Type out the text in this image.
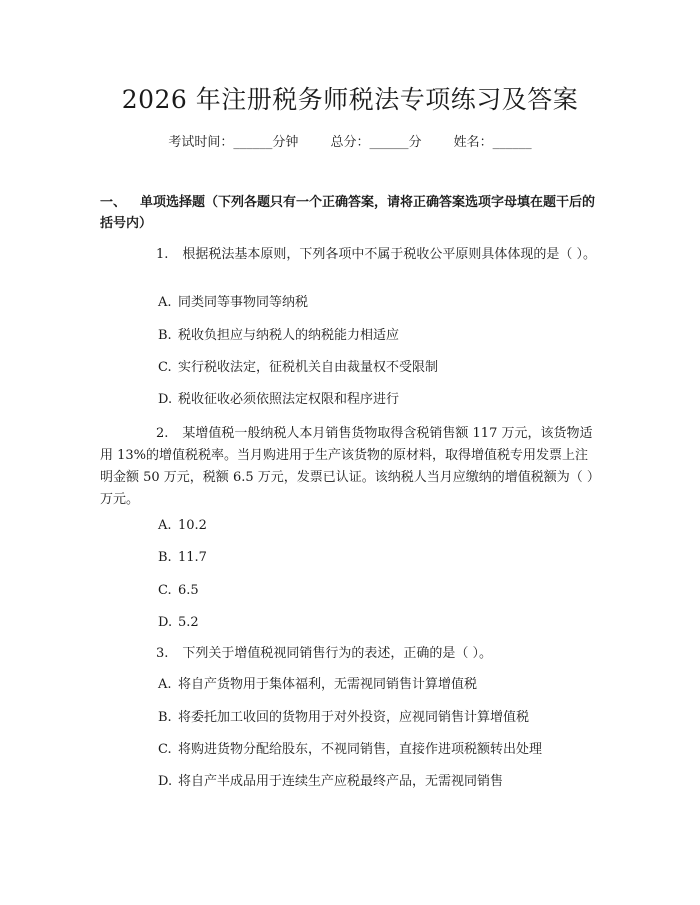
2026 年注册税务师税法专项练习及答案
考试时间：______分钟 总分：______分 姓名：______
一、 单项选择题（下列各题只有一个正确答案，请将正确答案选项字母填在题干后的括号内）
1. 根据税法基本原则，下列各项中不属于税收公平原则具体体现的是（ ）。
A. 同类同等事物同等纳税
B. 税收负担应与纳税人的纳税能力相适应
C. 实行税收法定，征税机关自由裁量权不受限制
D. 税收征收必须依照法定权限和程序进行
2. 某增值税一般纳税人本月销售货物取得含税销售额 117 万元，该货物适用 13%的增值税税率。当月购进用于生产该货物的原材料，取得增值税专用发票上注明金额 50 万元，税额 6.5 万元，发票已认证。该纳税人当月应缴纳的增值税额为（ ）万元。
A. 10.2
B. 11.7
C. 6.5
D. 5.2
3. 下列关于增值税视同销售行为的表述，正确的是（ ）。
A. 将自产货物用于集体福利，无需视同销售计算增值税
B. 将委托加工收回的货物用于对外投资，应视同销售计算增值税
C. 将购进货物分配给股东，不视同销售，直接作进项税额转出处理
D. 将自产半成品用于连续生产应税最终产品，无需视同销售
